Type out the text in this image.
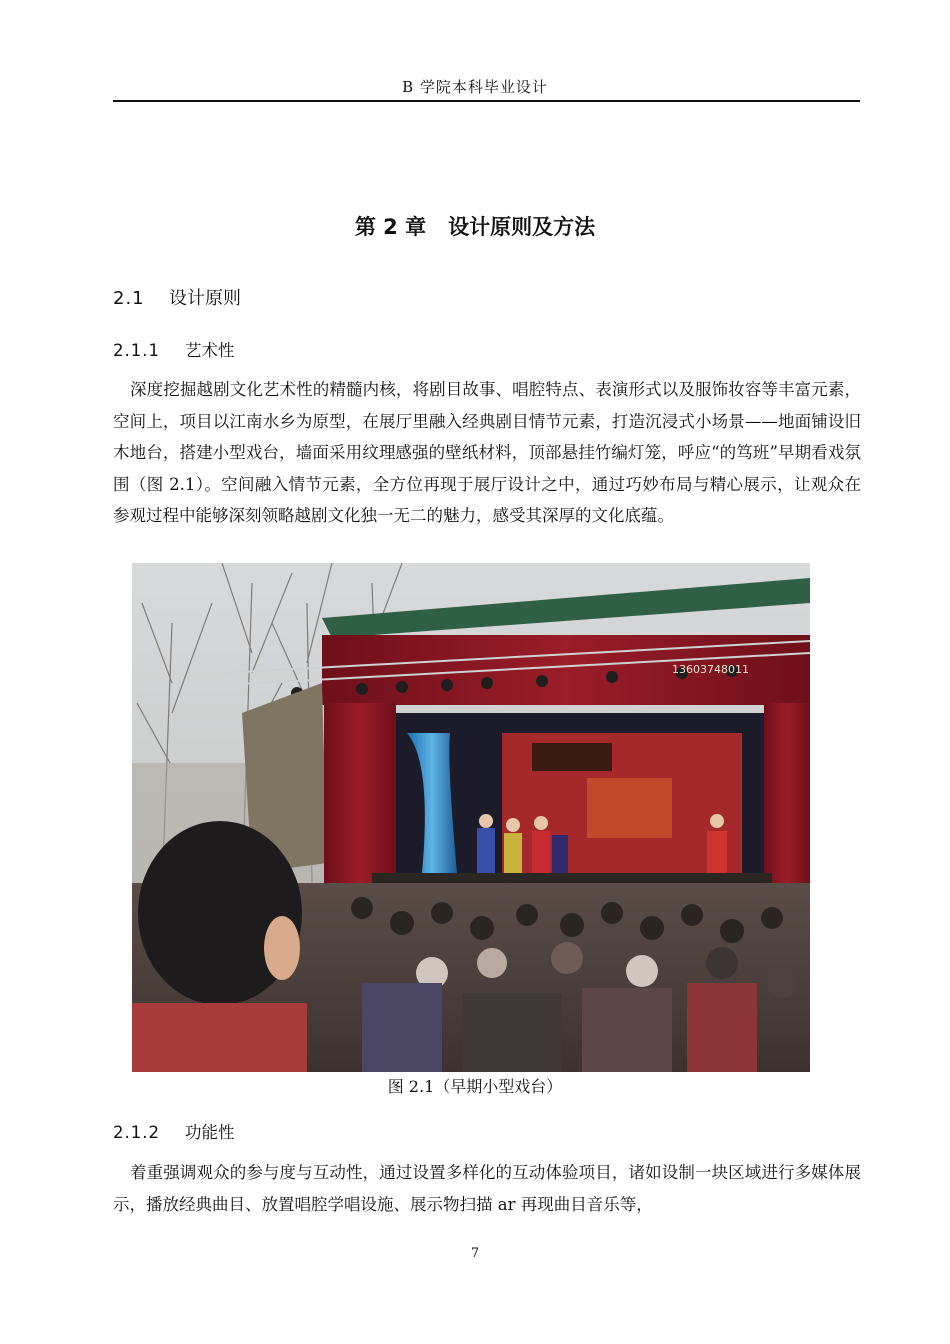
B 学院本科毕业设计
第 2 章 设计原则及方法
2.1 设计原则
2.1.1 艺术性
深度挖掘越剧文化艺术性的精髓内核，将剧目故事、唱腔特点、表演形式以及服饰妆容等丰富元素，空间上，项目以江南水乡为原型，在展厅里融入经典剧目情节元素，打造沉浸式小场景——地面铺设旧木地台，搭建小型戏台，墙面采用纹理感强的壁纸材料，顶部悬挂竹编灯笼，呼应“的笃班”早期看戏氛围（图 2.1）。空间融入情节元素，全方位再现于展厅设计之中，通过巧妙布局与精心展示，让观众在参观过程中能够深刻领略越剧文化独一无二的魅力，感受其深厚的文化底蕴。
13603748011
图 2.1（早期小型戏台）
2.1.2 功能性
着重强调观众的参与度与互动性，通过设置多样化的互动体验项目，诸如设制一块区域进行多媒体展示，播放经典曲目、放置唱腔学唱设施、展示物扫描 ar 再现曲目音乐等，
7
